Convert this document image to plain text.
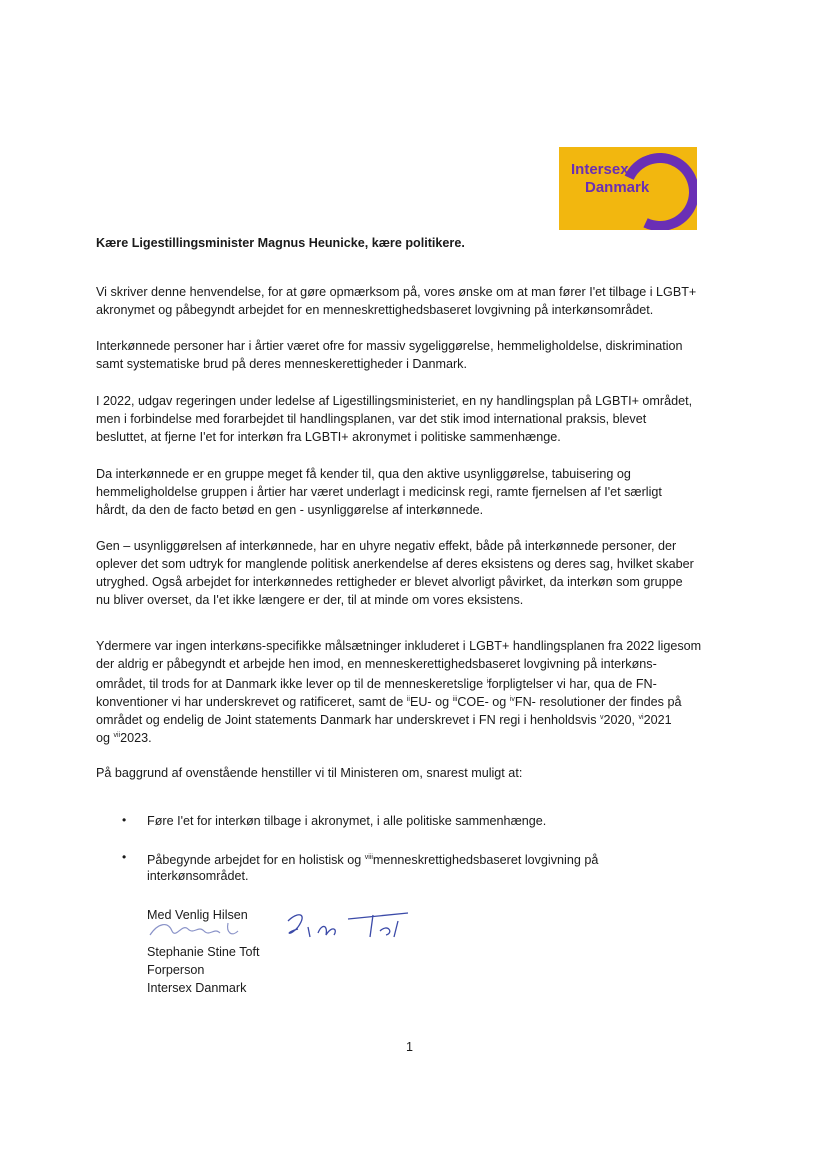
Intersex
Danmark
Kære Ligestillingsminister Magnus Heunicke, kære politikere.
Vi skriver denne henvendelse, for at gøre opmærksom på, vores ønske om at man fører I'et tilbage i LGBT+
akronymet og påbegyndt arbejdet for en menneskrettighedsbaseret lovgivning på interkønsområdet.
Interkønnede personer har i årtier været ofre for massiv sygeliggørelse, hemmeligholdelse, diskrimination
samt systematiske brud på deres menneskerettigheder i Danmark.
I 2022, udgav regeringen under ledelse af Ligestillingsministeriet, en ny handlingsplan på LGBTI+ området,
men i forbindelse med forarbejdet til handlingsplanen, var det stik imod international praksis, blevet
besluttet, at fjerne I'et for interkøn fra LGBTI+ akronymet i politiske sammenhænge.
Da interkønnede er en gruppe meget få kender til, qua den aktive usynliggørelse, tabuisering og
hemmeligholdelse gruppen i årtier har været underlagt i medicinsk regi, ramte fjernelsen af I'et særligt
hårdt, da den de facto betød en gen - usynliggørelse af interkønnede.
Gen – usynliggørelsen af interkønnede, har en uhyre negativ effekt, både på interkønnede personer, der
oplever det som udtryk for manglende politisk anerkendelse af deres eksistens og deres sag, hvilket skaber
utryghed. Også arbejdet for interkønnedes rettigheder er blevet alvorligt påvirket, da interkøn som gruppe
nu bliver overset, da I'et ikke længere er der, til at minde om vores eksistens.
Ydermere var ingen interkøns-specifikke målsætninger inkluderet i LGBT+ handlingsplanen fra 2022 ligesom
der aldrig er påbegyndt et arbejde hen imod, en menneskerettighedsbaseret lovgivning på interkøns-
området, til trods for at Danmark ikke lever op til de menneskeretslige $^i$forpligtelser vi har, qua de FN-
konventioner vi har underskrevet og ratificeret, samt de $^{ii}$EU- og $^{iii}$COE- og $^{iv}$FN- resolutioner der findes på
området og endelig de Joint statements Danmark har underskrevet i FN regi i henholdsvis $^v$2020, $^{vi}$2021
og $^{vii}$2023.
På baggrund af ovenstående henstiller vi til Ministeren om, snarest muligt at:
• Føre I'et for interkøn tilbage i akronymet, i alle politiske sammenhænge.
• Påbegynde arbejdet for en holistisk og $^{viii}$menneskrettighedsbaseret lovgivning på
interkønsområdet.
Med Venlig Hilsen
Stephanie Stine Toft
Forperson
Intersex Danmark
1
